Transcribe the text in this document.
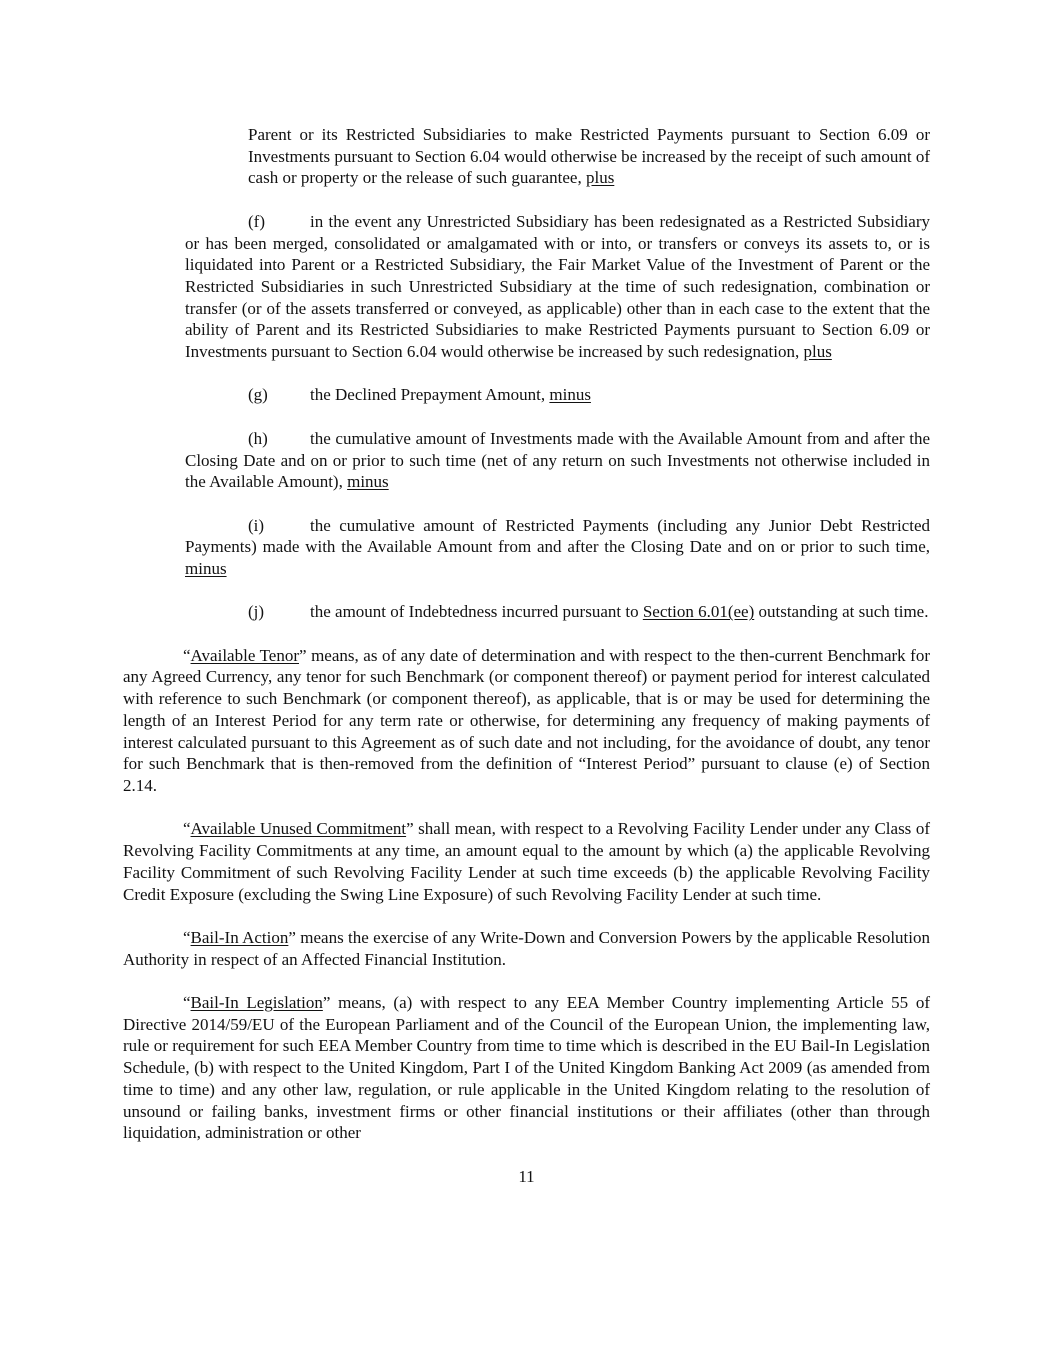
Parent or its Restricted Subsidiaries to make Restricted Payments pursuant to Section 6.09 or Investments pursuant to Section 6.04 would otherwise be increased by the receipt of such amount of cash or property or the release of such guarantee, plus

(f)	in the event any Unrestricted Subsidiary has been redesignated as a Restricted Subsidiary or has been merged, consolidated or amalgamated with or into, or transfers or conveys its assets to, or is liquidated into Parent or a Restricted Subsidiary, the Fair Market Value of the Investment of Parent or the Restricted Subsidiaries in such Unrestricted Subsidiary at the time of such redesignation, combination or transfer (or of the assets transferred or conveyed, as applicable) other than in each case to the extent that the ability of Parent and its Restricted Subsidiaries to make Restricted Payments pursuant to Section 6.09 or Investments pursuant to Section 6.04 would otherwise be increased by such redesignation, plus

(g) the Declined Prepayment Amount, minus

(h) the cumulative amount of Investments made with the Available Amount from and after the Closing Date and on or prior to such time (net of any return on such Investments not otherwise included in the Available Amount), minus

(i)	the cumulative amount of Restricted Payments (including any Junior Debt Restricted Payments) made with the Available Amount from and after the Closing Date and on or prior to such time, minus

(j)	the amount of Indebtedness incurred pursuant to Section 6.01(ee) outstanding at such time.

“Available Tenor” means, as of any date of determination and with respect to the then-current Benchmark for any Agreed Currency, any tenor for such Benchmark (or component thereof) or payment period for interest calculated with reference to such Benchmark (or component thereof), as applicable, that is or may be used for determining the length of an Interest Period for any term rate or otherwise, for determining any frequency of making payments of interest calculated pursuant to this Agreement as of such date and not including, for the avoidance of doubt, any tenor for such Benchmark that is then-removed from the definition of “Interest Period” pursuant to clause (e) of Section 2.14.

“Available Unused Commitment” shall mean, with respect to a Revolving Facility Lender under any Class of Revolving Facility Commitments at any time, an amount equal to the amount by which (a) the applicable Revolving Facility Commitment of such Revolving Facility Lender at such time exceeds (b) the applicable Revolving Facility Credit Exposure (excluding the Swing Line Exposure) of such Revolving Facility Lender at such time.

“Bail-In Action” means the exercise of any Write-Down and Conversion Powers by the applicable Resolution Authority in respect of an Affected Financial Institution.

“Bail-In Legislation” means, (a) with respect to any EEA Member Country implementing Article 55 of Directive 2014/59/EU of the European Parliament and of the Council of the European Union, the implementing law, rule or requirement for such EEA Member Country from time to time which is described in the EU Bail-In Legislation Schedule, (b) with respect to the United Kingdom, Part I of the United Kingdom Banking Act 2009 (as amended from time to time) and any other law, regulation, or rule applicable in the United Kingdom relating to the resolution of unsound or failing banks, investment firms or other financial institutions or their affiliates (other than through liquidation, administration or other

11
